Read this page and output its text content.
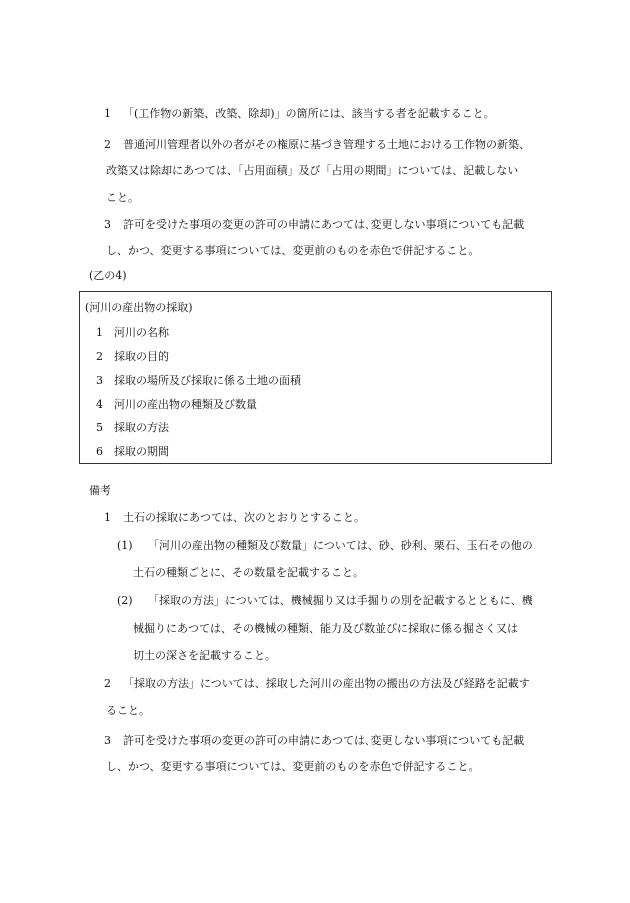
1 「(工作物の新築、改築、除却)」の箇所には、該当する者を記載すること。
2 普通河川管理者以外の者がその権原に基づき管理する土地における工作物の新築、
改築又は除却にあつては、「占用面積」及び「占用の期間」については、記載しない
こと。
3 許可を受けた事項の変更の許可の申請にあつては､変更しない事項についても記載
し、かつ、変更する事項については、変更前のものを赤色で併記すること。
(乙の4)
(河川の産出物の採取)
1 河川の名称
2 採取の目的
3 採取の場所及び採取に係る土地の面積
4 河川の産出物の種類及び数量
5 採取の方法
6 採取の期間
備考
1 土石の採取にあつては、次のとおりとすること。
(1) 「河川の産出物の種類及び数量」については、砂、砂利、栗石、玉石その他の
土石の種類ごとに、その数量を記載すること。
(2) 「採取の方法」については、機械掘り又は手掘りの別を記載するとともに、機
械掘りにあつては、その機械の種類、能力及び数並びに採取に係る掘さく又は
切土の深さを記載すること。
2 「採取の方法」については、採取した河川の産出物の搬出の方法及び経路を記載す
ること。
3 許可を受けた事項の変更の許可の申請にあつては､変更しない事項についても記載
し、かつ、変更する事項については、変更前のものを赤色で併記すること。
